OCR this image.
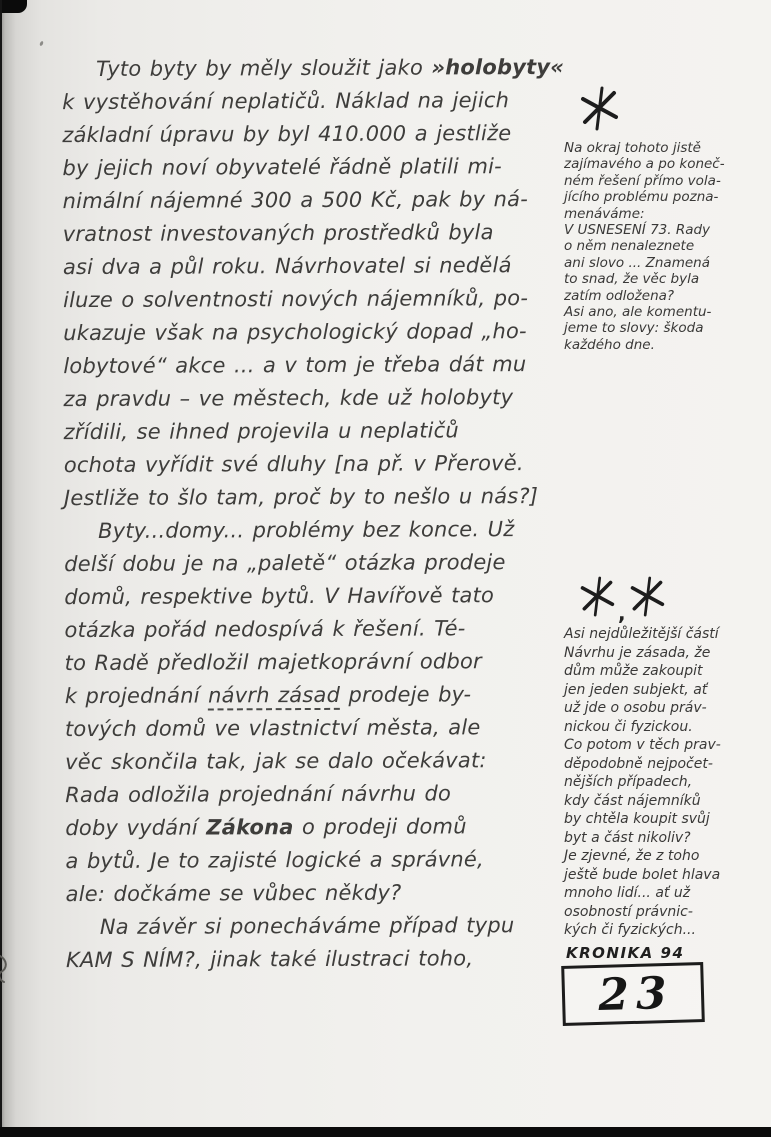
Tyto byty by měly sloužit jako »holobyty«
k vystěhování neplatičů. Náklad na jejich
základní úpravu by byl 410.000 a jestliže
by jejich noví obyvatelé řádně platili mi-
nimální nájemné 300 a 500 Kč, pak by ná-
vratnost investovaných prostředků byla
asi dva a půl roku. Návrhovatel si nedělá
iluze o solventnosti nových nájemníků, po-
ukazuje však na psychologický dopad „ho-
lobytové“ akce ... a v tom je třeba dát mu
za pravdu – ve městech, kde už holobyty
zřídili, se ihned projevila u neplatičů
ochota vyřídit své dluhy [na př. v Přerově.
Jestliže to šlo tam, proč by to nešlo u nás?]
Byty...domy... problémy bez konce. Už
delší dobu je na „paletě“ otázka prodeje
domů, respektive bytů. V Havířově tato
otázka pořád nedospívá k řešení. Té-
to Radě předložil majetkoprávní odbor
k projednání návrh zásad prodeje by-
tových domů ve vlastnictví města, ale
věc skončila tak, jak se dalo očekávat:
Rada odložila projednání návrhu do
doby vydání Zákona o prodeji domů
a bytů. Je to zajisté logické a správné,
ale: dočkáme se vůbec někdy?
Na závěr si ponecháváme případ typu
KAM S NÍM?, jinak také ilustraci toho,
Na okraj tohoto jistě
zajímavého a po koneč-
ném řešení přímo vola-
jícího problému pozna-
menáváme:
V USNESENÍ 73. Rady
o něm nenaleznete
ani slovo ... Znamená
to snad, že věc byla
zatím odložena?
Asi ano, ale komentu-
jeme to slovy: škoda
každého dne.
,
Asi nejdůležitější částí
Návrhu je zásada, že
dům může zakoupit
jen jeden subjekt, ať
už jde o osobu práv-
nickou či fyzickou.
Co potom v těch prav-
děpodobně nejpočet-
nějších případech,
kdy část nájemníků
by chtěla koupit svůj
byt a část nikoliv?
Je zjevné, že z toho
ještě bude bolet hlava
mnoho lidí... ať už
osobností právnic-
kých či fyzických...
KRONIKA 94
23
